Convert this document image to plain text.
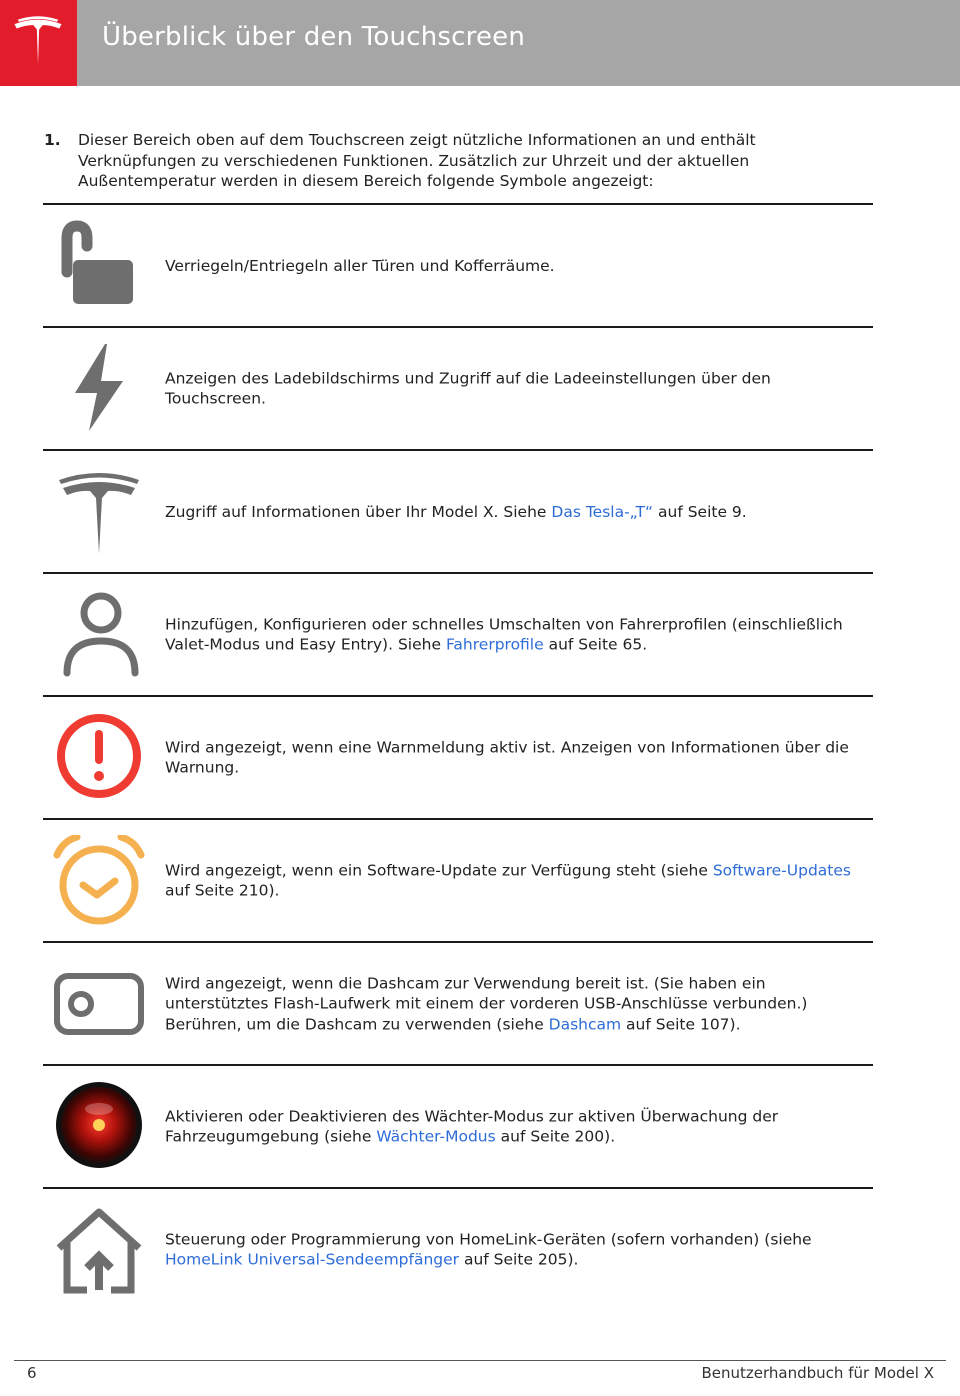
Überblick über den Touchscreen
1. Dieser Bereich oben auf dem Touchscreen zeigt nützliche Informationen an und enthält Verknüpfungen zu verschiedenen Funktionen. Zusätzlich zur Uhrzeit und der aktuellen Außentemperatur werden in diesem Bereich folgende Symbole angezeigt:
Verriegeln/Entriegeln aller Türen und Kofferräume.
Anzeigen des Ladebildschirms und Zugriff auf die Ladeeinstellungen über den Touchscreen.
Zugriff auf Informationen über Ihr Model X. Siehe Das Tesla-„T“ auf Seite 9.
Hinzufügen, Konfigurieren oder schnelles Umschalten von Fahrerprofilen (einschließlich Valet-Modus und Easy Entry). Siehe Fahrerprofile auf Seite 65.
Wird angezeigt, wenn eine Warnmeldung aktiv ist. Anzeigen von Informationen über die Warnung.
Wird angezeigt, wenn ein Software-Update zur Verfügung steht (siehe Software-Updates auf Seite 210).
Wird angezeigt, wenn die Dashcam zur Verwendung bereit ist. (Sie haben ein unterstütztes Flash-Laufwerk mit einem der vorderen USB-Anschlüsse verbunden.) Berühren, um die Dashcam zu verwenden (siehe Dashcam auf Seite 107).
Aktivieren oder Deaktivieren des Wächter-Modus zur aktiven Überwachung der Fahrzeugumgebung (siehe Wächter-Modus auf Seite 200).
Steuerung oder Programmierung von HomeLink-Geräten (sofern vorhanden) (siehe HomeLink Universal-Sendeempfänger auf Seite 205).
6	Benutzerhandbuch für Model X
